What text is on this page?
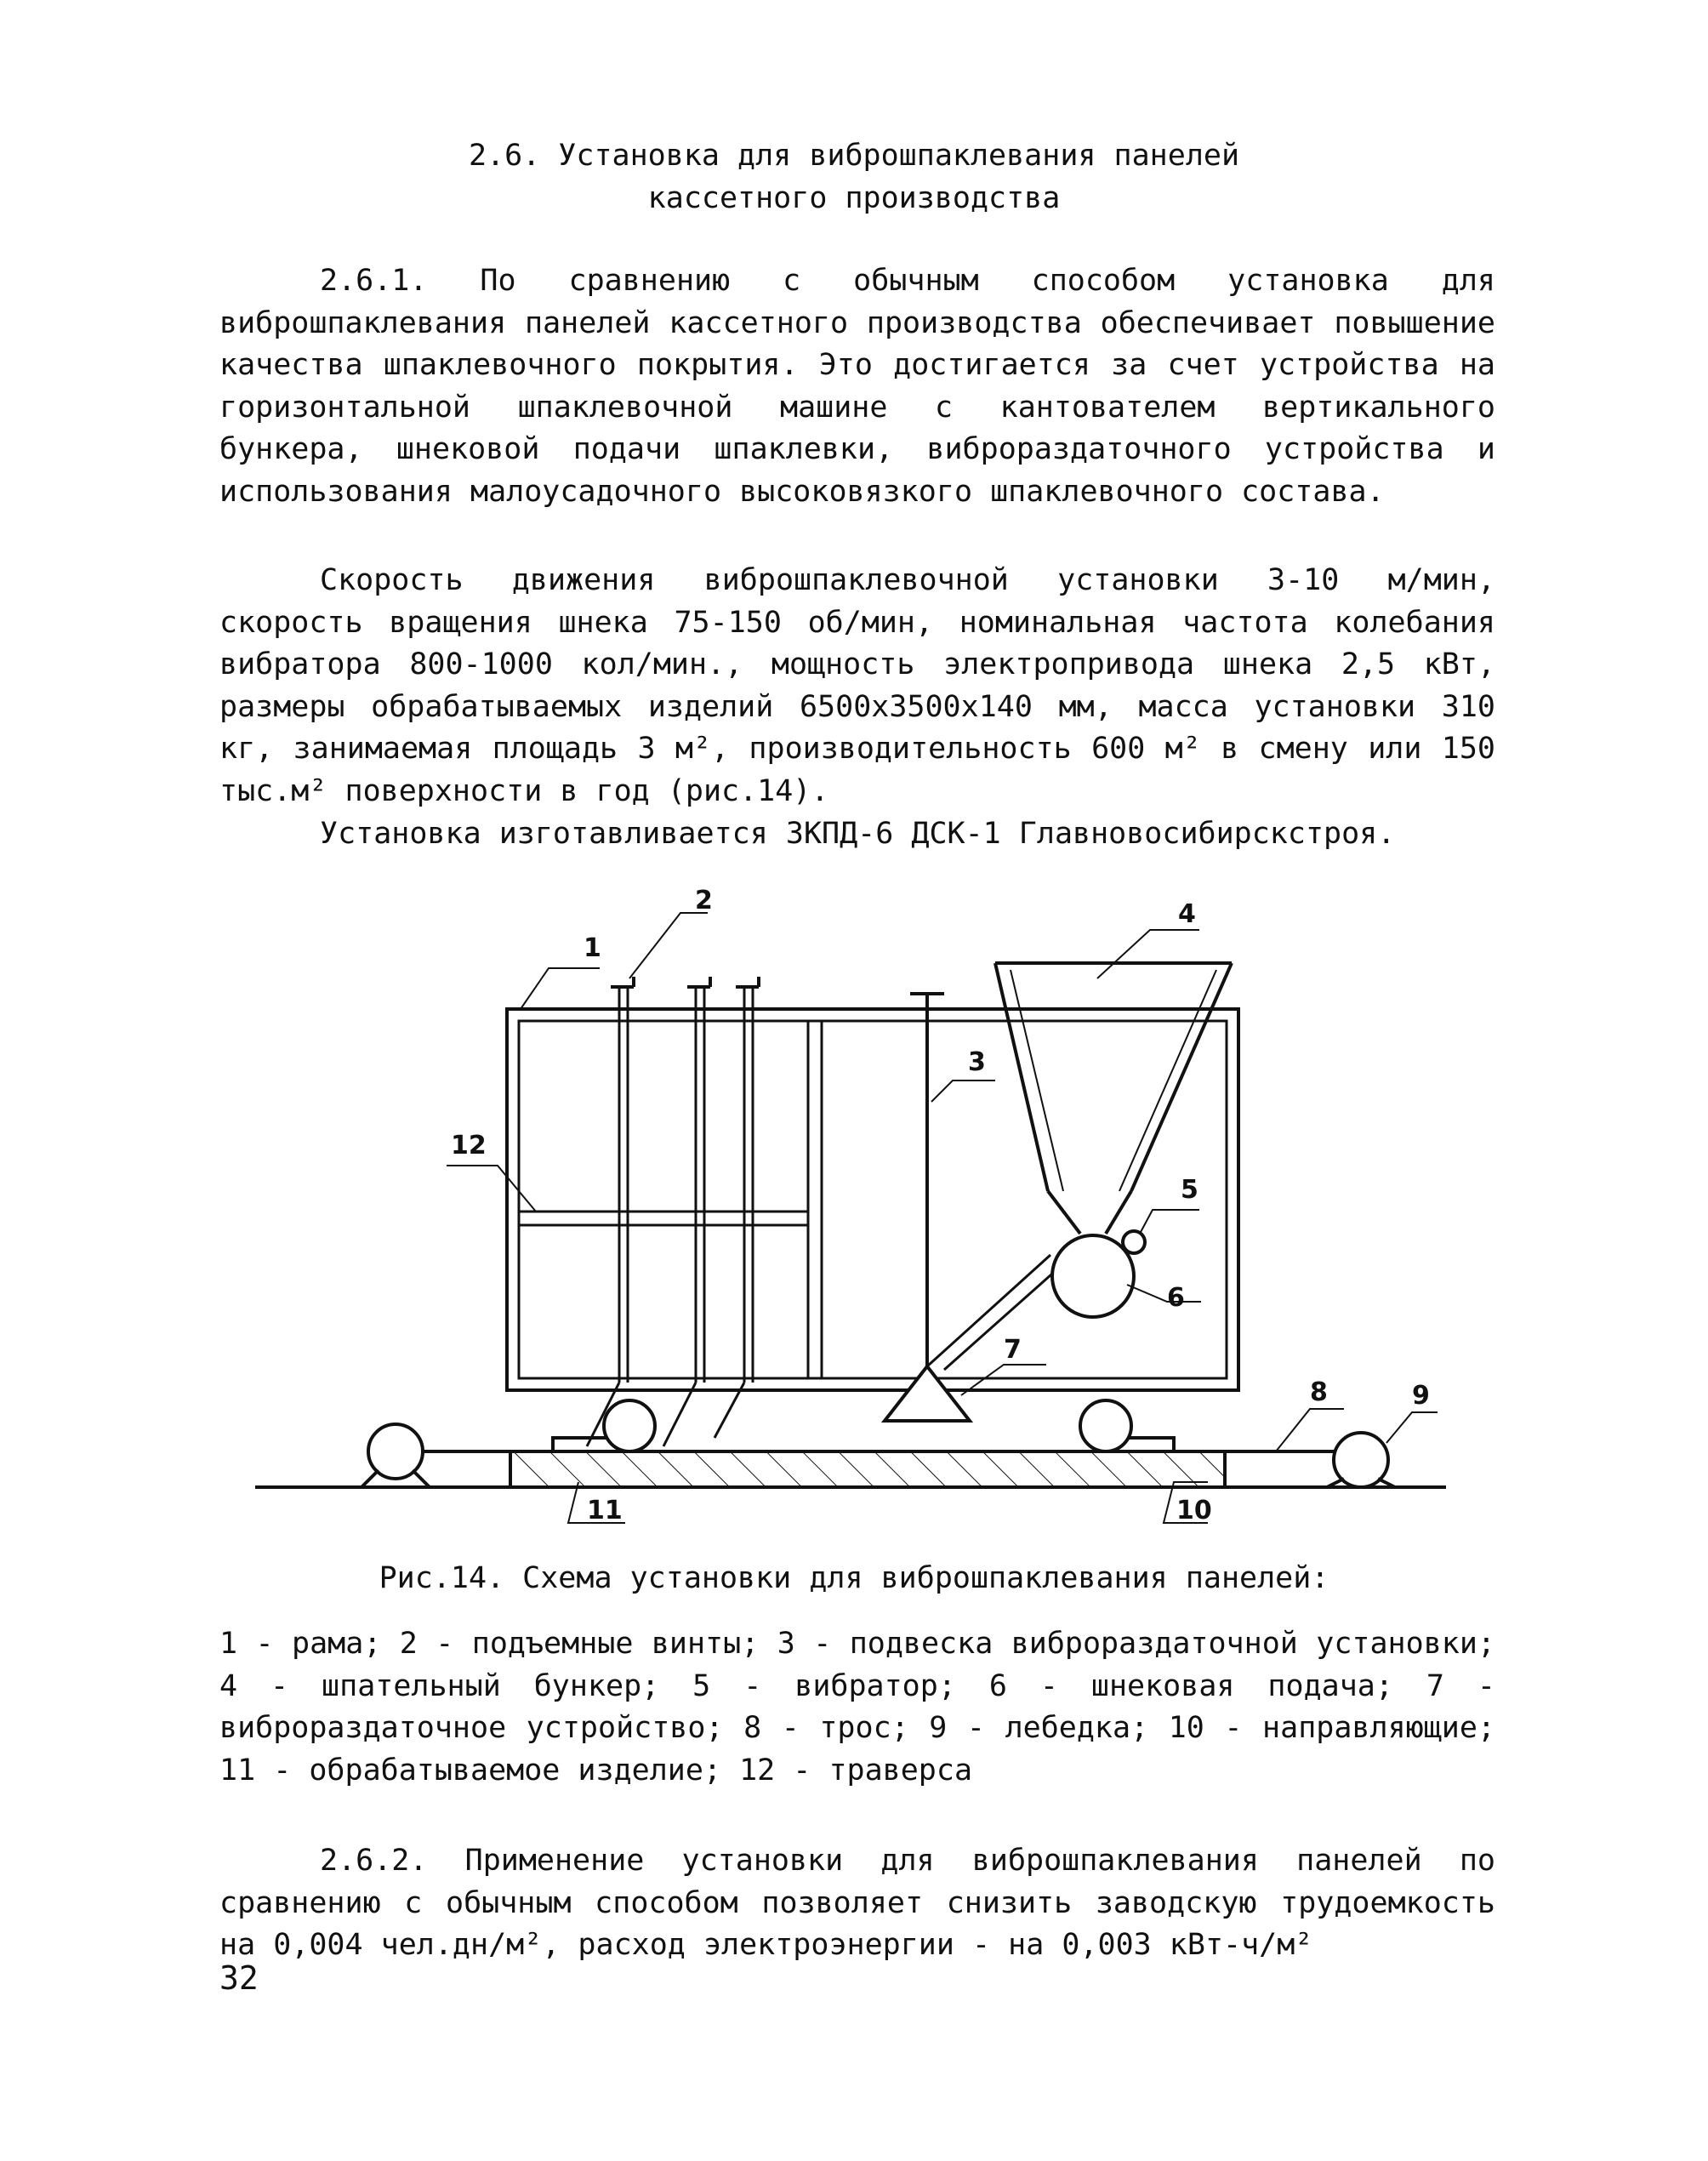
2.6. Установка для виброшпаклевания панелей
кассетного производства
2.6.1. По сравнению с обычным способом установка для виброшпаклевания панелей кассетного производства обеспечивает повышение качества шпаклевочного покрытия. Это достигается за счет устройства на горизонтальной шпаклевочной машине с кантователем вертикального бункера, шнековой подачи шпаклевки, виброраздаточного устройства и использования малоусадочного высоковязкого шпаклевочного состава.
Скорость движения виброшпаклевочной установки 3-10 м/мин, скорость вращения шнека 75-150 об/мин, номинальная частота колебания вибратора 800-1000 кол/мин., мощность электропривода шнека 2,5 кВт, размеры обрабатываемых изделий 6500х3500х140 мм, масса установки 310 кг, занимаемая площадь 3 м², производительность 600 м² в смену или 150 тыс.м² поверхности в год (рис.14).
Установка изготавливается ЗКПД-6 ДСК-1 Главновосибирскстроя.
1
2
3
4
5
6
7
8	9
10
11
12
Рис.14. Схема установки для виброшпаклевания панелей:
1 - рама; 2 - подъемные винты; 3 - подвеска виброраздаточной установки; 4 - шпательный бункер; 5 - вибратор; 6 - шнековая подача; 7 - виброраздаточное устройство; 8 - трос; 9 - лебедка; 10 - направляющие; 11 - обрабатываемое изделие; 12 - траверса
2.6.2. Применение установки для виброшпаклевания панелей по сравнению с обычным способом позволяет снизить заводскую трудоемкость на 0,004 чел.дн/м², расход электроэнергии - на 0,003 кВт-ч/м²
32
